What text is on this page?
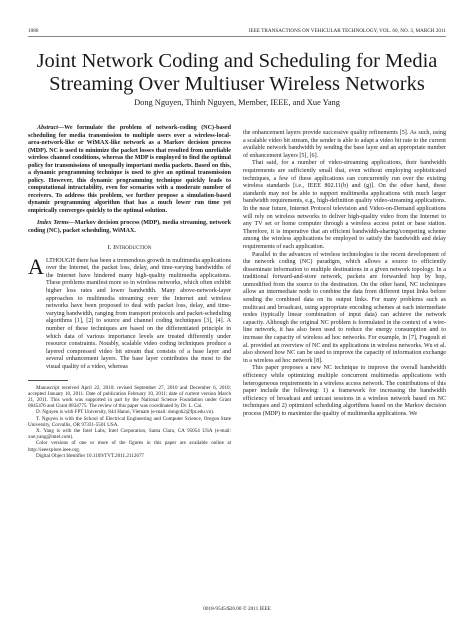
1086	IEEE TRANSACTIONS ON VEHICULAR TECHNOLOGY, VOL. 60, NO. 3, MARCH 2011
Joint Network Coding and Scheduling for Media Streaming Over Multiuser Wireless Networks
Dong Nguyen, Thinh Nguyen, Member, IEEE, and Xue Yang

Abstract—We formulate the problem of network-coding (NC)-based scheduling for media transmission to multiple users over a wireless-local-area-network-like or WiMAX-like network as a Markov decision process (MDP). NC is used to minimize the packet losses that resulted from unreliable wireless channel conditions, whereas the MDP is employed to find the optimal policy for transmissions of unequally important media packets. Based on this, a dynamic programming technique is used to give an optimal transmission policy. However, this dynamic programming technique quickly leads to computational intractability, even for scenarios with a moderate number of receivers. To address this problem, we further propose a simulation-based dynamic programming algorithm that has a much lower run time yet empirically converges quickly to the optimal solution.

Index Terms—Markov decision process (MDP), media streaming, network coding (NC), packet scheduling, WiMAX.

I. Introduction

A LTHOUGH there has been a tremendous growth in multimedia applications over the Internet, the packet loss, delay, and time-varying bandwidths of the Internet have hindered many high-quality multimedia applications. These problems manifest more so in wireless networks, which often exhibit higher loss rates and lower bandwidth. Many above-network-layer approaches to multimedia streaming over the Internet and wireless networks have been proposed to deal with packet loss, delay, and time-varying bandwidth, ranging from transport protocols and packet-scheduling algorithms [1], [2] to source and channel coding techniques [3], [4]. A number of these techniques are based on the differentiated principle in which data of various importance levels are treated differently under resource constraints. Notably, scalable video coding techniques produce a layered compressed video bit stream that consists of a base layer and several enhancement layers. The base layer contributes the most to the visual quality of a video, whereas

Manuscript received April 22, 2010; revised September 27, 2010 and December 6, 2010; accepted January 10, 2011. Date of publication February 10, 2011; date of current version March 21, 2011. This work was supported in part by the National Science Foundation under Grant 0845476 and Grant 0834775. The review of this paper was coordinated by Dr. L. Cai.

D. Nguyen is with FPT University, 844 Hanoi, Vietnam (e-mail: dongnh2@fpt.edu.vn).

T. Nguyen is with the School of Electrical Engineering and Computer Science, Oregon State University, Corvallis, OR 97331-5501 USA.

X. Yang is with the Intel Labs, Intel Corporation, Santa Clara, CA 95054 USA (e-mail: xue.yang@intel.com).

Color versions of one or more of the figures in this paper are available online at http://ieeexplore.ieee.org.

Digital Object Identifier 10.1109/TVT.2011.2112677

the enhancement layers provide successive quality refinements [5]. As such, using a scalable video bit stream, the sender is able to adapt a video bit rate to the current available network bandwidth by sending the base layer and an appropriate number of enhancement layers [5], [6].

That said, for a number of video-streaming applications, their bandwidth requirements are sufficiently small that, even without employing sophisticated techniques, a few of these applications can concurrently run over the existing wireless standards [i.e., IEEE 802.11(b) and (g)]. On the other hand, these standards may not be able to support multimedia applications with much larger bandwidth requirements, e.g., high-definition quality video-streaming applications. In the near future, Internet Protocol television and Video-on-Demand applications will rely on wireless networks to deliver high-quality video from the Internet to any TV set or home computer through a wireless access point or base station. Therefore, it is imperative that an efficient bandwidth-sharing/competing scheme among the wireless applications be employed to satisfy the bandwidth and delay requirements of each application.

Parallel to the advances of wireless technologies is the recent development of the network coding (NC) paradigm, which allows a source to efficiently disseminate information to multiple destinations in a given network topology. In a traditional forward-and-store network, packets are forwarded hop by hop, unmodified from the source to the destination. On the other hand, NC techniques allow an intermediate node to combine the data from different input links before sending the combined data on its output links. For many problems such as multicast and broadcast, using appropriate encoding schemes at each intermediate nodes (typically linear combination of input data) can achieve the network capacity. Although the original NC problem is formulated in the context of a wire-line network, it has also been used to reduce the energy consumption and to increase the capacity of wireless ad hoc networks. For example, in [7], Fragouli et al. provided an overview of NC and its applications in wireless networks. Wu et al. also showed how NC can be used to improve the capacity of information exchange in a wireless ad hoc network [8].

This paper proposes a new NC technique to improve the overall bandwidth efficiency while optimizing multiple concurrent multimedia applications with heterogeneous requirements in a wireless access network. The contributions of this paper include the following: 1) a framework for increasing the bandwidth efficiency of broadcast and unicast sessions in a wireless network based on NC techniques and 2) optimized scheduling algorithms based on the Markov decision process (MDP) to maximize the quality of multimedia applications. We

0018-9545/$26.00 © 2011 IEEE
